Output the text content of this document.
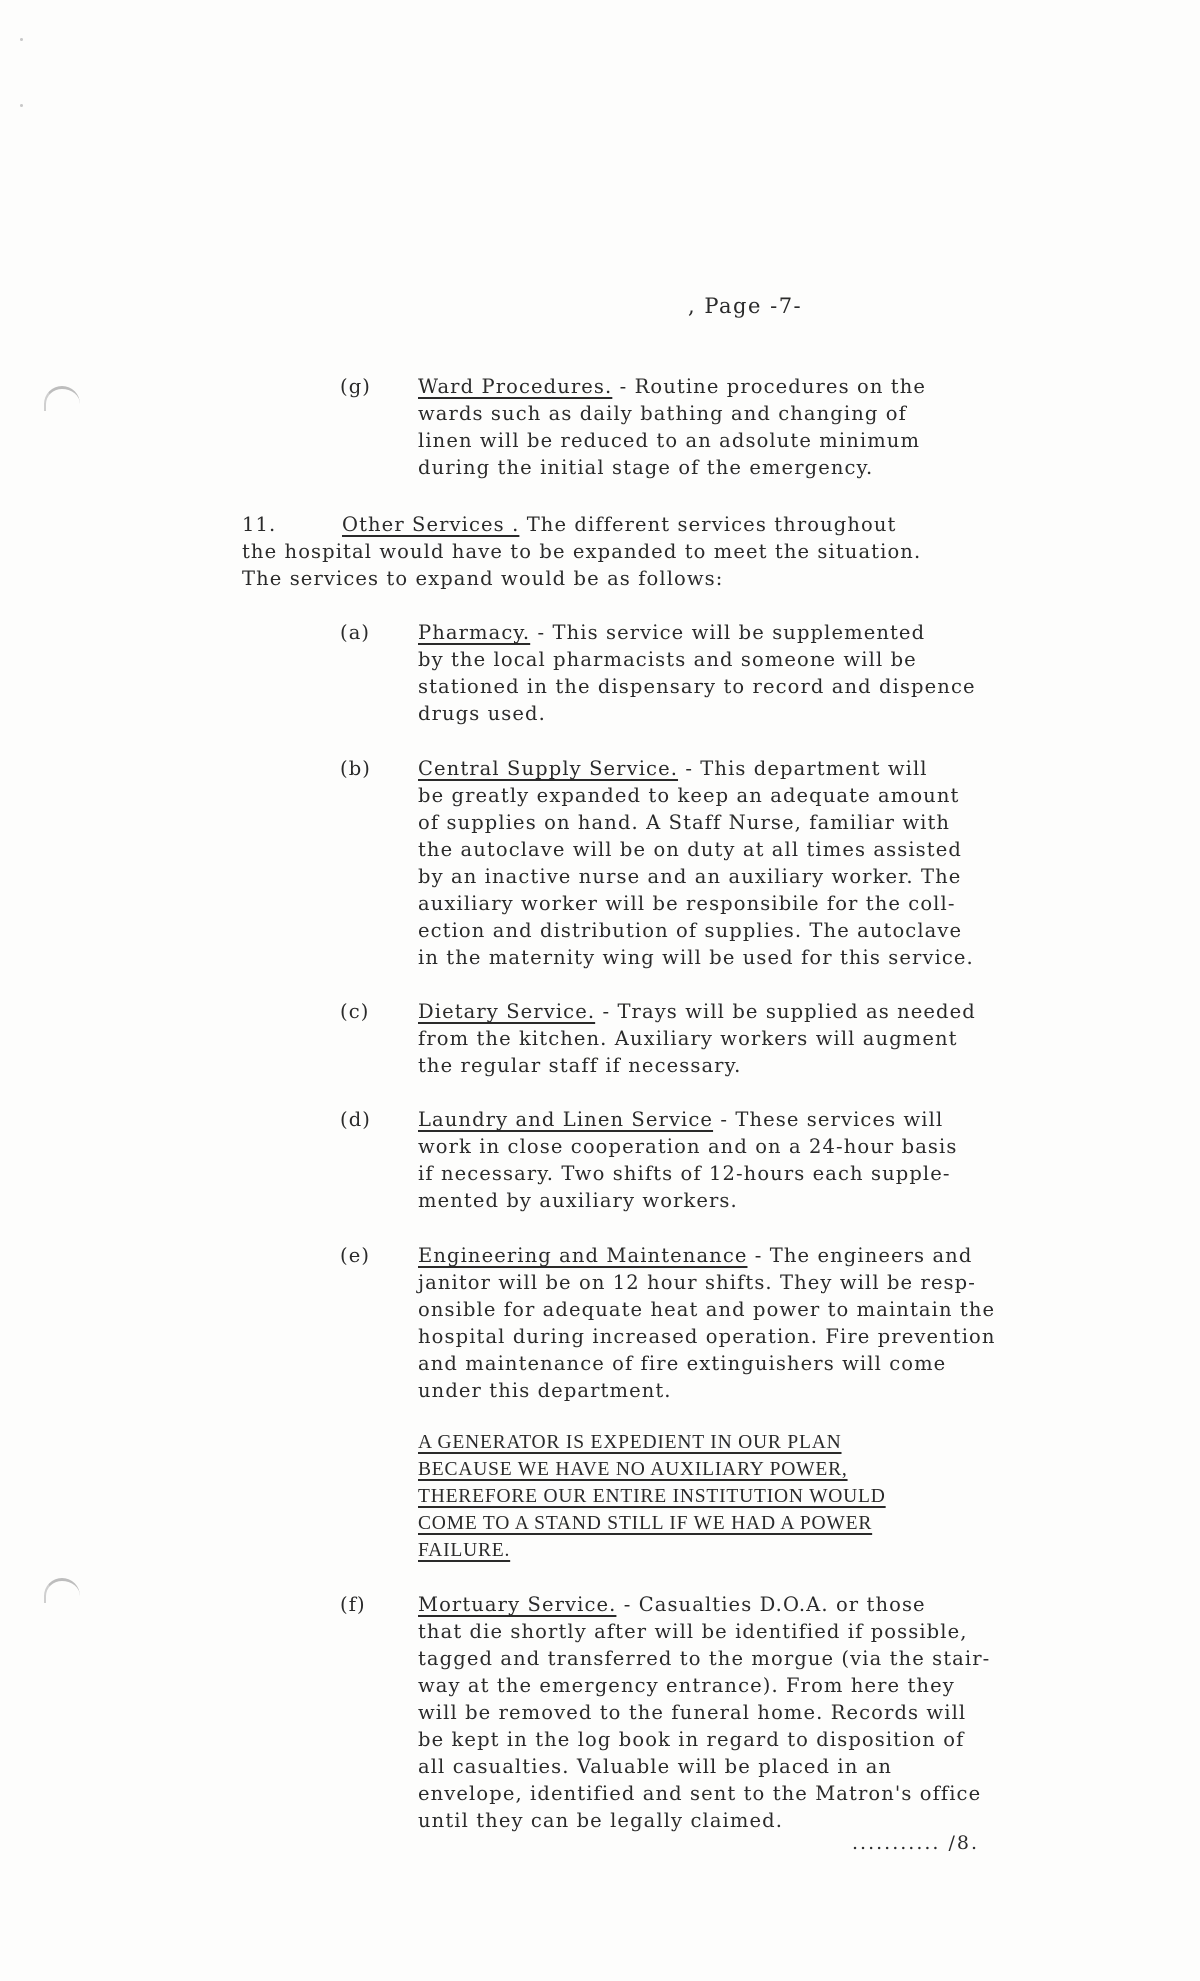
, Page -7-
(g)	Ward Procedures. - Routine procedures on the
wards such as daily bathing and changing of
linen will be reduced to an adsolute minimum
during the initial stage of the emergency.
11.	Other Services . The different services throughout
the hospital would have to be expanded to meet the situation.
The services to expand would be as follows:
(a)	Pharmacy. - This service will be supplemented
by the local pharmacists and someone will be
stationed in the dispensary to record and dispence
drugs used.
(b)	Central Supply Service. - This department will
be greatly expanded to keep an adequate amount
of supplies on hand. A Staff Nurse, familiar with
the autoclave will be on duty at all times assisted
by an inactive nurse and an auxiliary worker. The
auxiliary worker will be responsibile for the coll-
ection and distribution of supplies. The autoclave
in the maternity wing will be used for this service.
(c)	Dietary Service. - Trays will be supplied as needed
from the kitchen. Auxiliary workers will augment
the regular staff if necessary.
(d)	Laundry and Linen Service - These services will
work in close cooperation and on a 24-hour basis
if necessary. Two shifts of 12-hours each supple-
mented by auxiliary workers.
(e)	Engineering and Maintenance - The engineers and
janitor will be on 12 hour shifts. They will be resp-
onsible for adequate heat and power to maintain the
hospital during increased operation. Fire prevention
and maintenance of fire extinguishers will come
under this department.
A GENERATOR IS EXPEDIENT IN OUR PLAN
BECAUSE WE HAVE NO AUXILIARY POWER,
THEREFORE OUR ENTIRE INSTITUTION WOULD
COME TO A STAND STILL IF WE HAD A POWER
FAILURE.
(f)	Mortuary Service. - Casualties D.O.A. or those
that die shortly after will be identified if possible,
tagged and transferred to the morgue (via the stair-
way at the emergency entrance). From here they
will be removed to the funeral home. Records will
be kept in the log book in regard to disposition of
all casualties. Valuable will be placed in an
envelope, identified and sent to the Matron's office
until they can be legally claimed.
........... /8.
